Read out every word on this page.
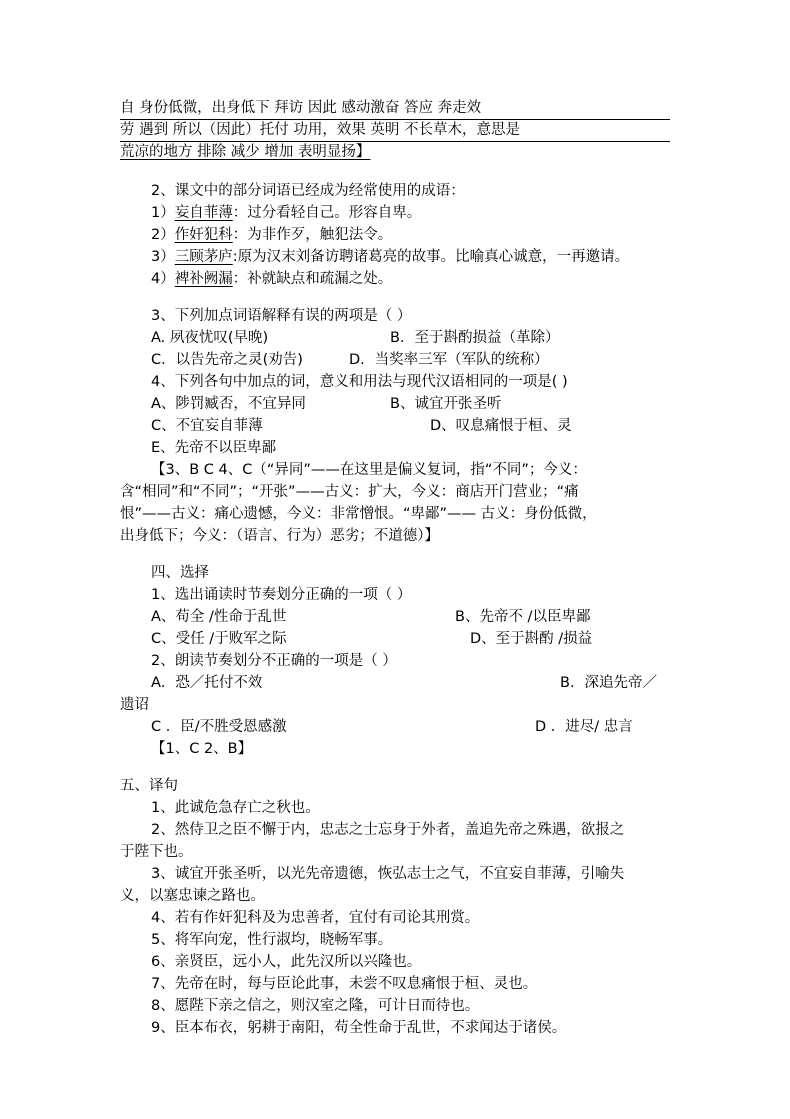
自 身份低微，出身低下 拜访 因此 感动激奋 答应 奔走效
劳 遇到 所以（因此）托付 功用，效果 英明 不长草木，意思是
荒凉的地方 排除 减少 增加 表明显扬】
2、课文中的部分词语已经成为经常使用的成语：
1）妄自菲薄：过分看轻自己。形容自卑。
2）作奸犯科：为非作歹，触犯法令。
3）三顾茅庐:原为汉末刘备访聘诸葛亮的故事。比喻真心诚意，一再邀请。
4）裨补阙漏：补就缺点和疏漏之处。
3、下列加点词语解释有误的两项是（ ）
A. 夙夜忧叹(早晚)	B．至于斟酌损益（革除）
C．以告先帝之灵(劝告)	D．当奖率三军（军队的统称）
4、下列各句中加点的词，意义和用法与现代汉语相同的一项是( )
A、陟罚臧否，不宜异同	B、诚宜开张圣听
C、不宜妄自菲薄	D、叹息痛恨于桓、灵
E、先帝不以臣卑鄙
【3、B C 4、C（“异同”——在这里是偏义复词，指“不同”；今义：
含“相同”和“不同”；“开张”——古义：扩大，今义：商店开门营业；“痛
恨”——古义：痛心遗憾，今义：非常憎恨。“卑鄙”—— 古义：身份低微，
出身低下；今义：（语言、行为）恶劣；不道德）】
四、选择
1、选出诵读时节奏划分正确的一项（ ）
A、苟全 /性命于乱世	B、先帝不 /以臣卑鄙
C、受任 /于败军之际	D、至于斟酌 /损益
2、朗读节奏划分不正确的一项是（ ）
A．恐／托付不效	B．深追先帝／
遗诏
C ．臣/不胜受恩感激	D ．进尽/ 忠言
【1、C 2、B】
五、译句
1、此诚危急存亡之秋也。
2、然侍卫之臣不懈于内，忠志之士忘身于外者，盖追先帝之殊遇，欲报之
于陛下也。
3、诚宜开张圣听，以光先帝遗德，恢弘志士之气，不宜妄自菲薄，引喻失
义，以塞忠谏之路也。
4、若有作奸犯科及为忠善者，宜付有司论其刑赏。
5、将军向宠，性行淑均，晓畅军事。
6、亲贤臣，远小人，此先汉所以兴隆也。
7、先帝在时，每与臣论此事，未尝不叹息痛恨于桓、灵也。
8、愿陛下亲之信之，则汉室之隆，可计日而待也。
9、臣本布衣，躬耕于南阳，苟全性命于乱世，不求闻达于诸侯。
